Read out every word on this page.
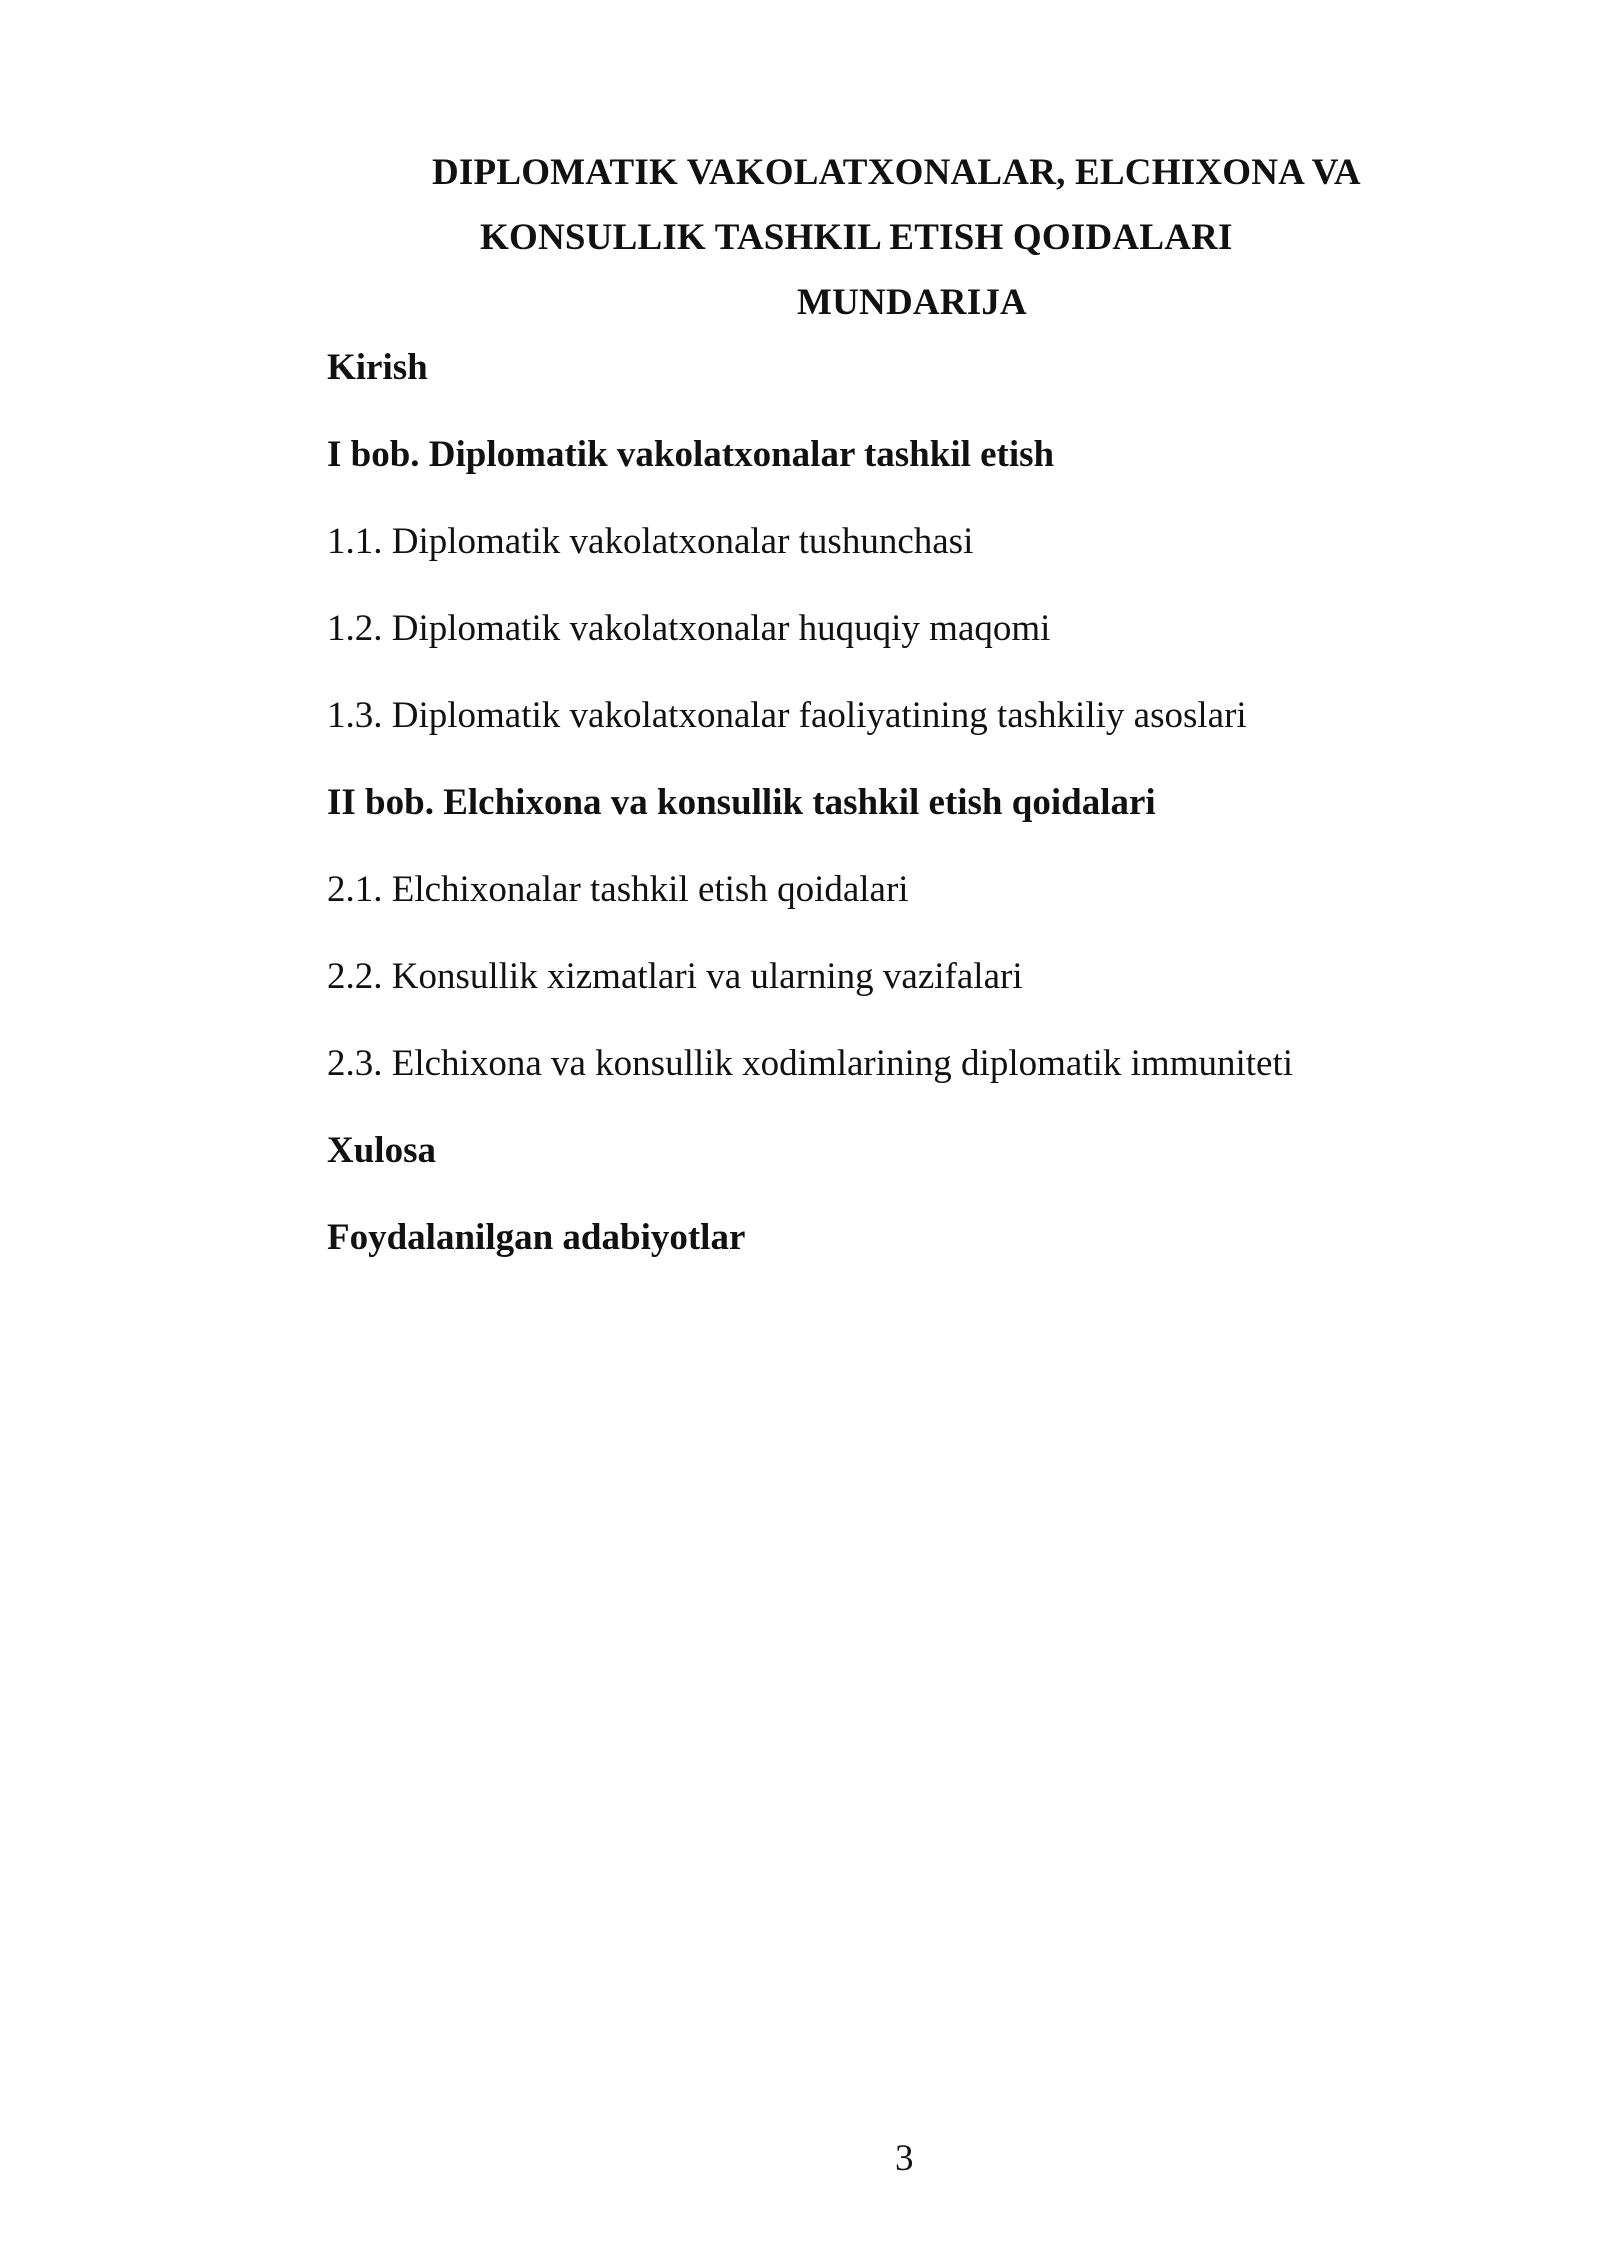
DIPLOMATIK VAKOLATXONALAR, ELCHIXONA VA
KONSULLIK TASHKIL ETISH QOIDALARI
MUNDARIJA
Kirish
I bob. Diplomatik vakolatxonalar tashkil etish
1.1. Diplomatik vakolatxonalar tushunchasi
1.2. Diplomatik vakolatxonalar huquqiy maqomi
1.3. Diplomatik vakolatxonalar faoliyatining tashkiliy asoslari
II bob. Elchixona va konsullik tashkil etish qoidalari
2.1. Elchixonalar tashkil etish qoidalari
2.2. Konsullik xizmatlari va ularning vazifalari
2.3. Elchixona va konsullik xodimlarining diplomatik immuniteti
Xulosa
Foydalanilgan adabiyotlar
3
